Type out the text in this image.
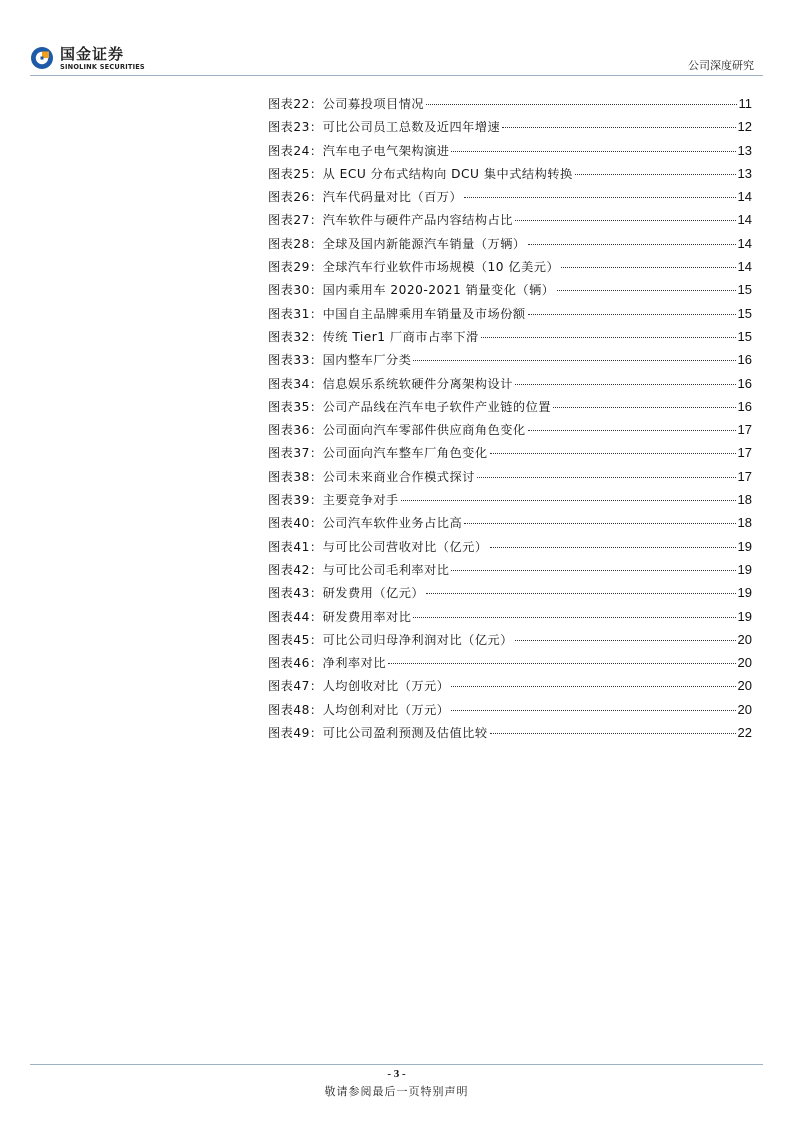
国金证券
SINOLINK SECURITIES	公司深度研究
图表22：公司募投项目情况	11
图表23：可比公司员工总数及近四年增速	12
图表24：汽车电子电气架构演进	13
图表25：从 ECU 分布式结构向 DCU 集中式结构转换	13
图表26：汽车代码量对比（百万）	14
图表27：汽车软件与硬件产品内容结构占比	14
图表28：全球及国内新能源汽车销量（万辆）	14
图表29：全球汽车行业软件市场规模（10 亿美元）	14
图表30：国内乘用车 2020-2021 销量变化（辆）	15
图表31：中国自主品牌乘用车销量及市场份额	15
图表32：传统 Tier1 厂商市占率下滑	15
图表33：国内整车厂分类	16
图表34：信息娱乐系统软硬件分离架构设计	16
图表35：公司产品线在汽车电子软件产业链的位置	16
图表36：公司面向汽车零部件供应商角色变化	17
图表37：公司面向汽车整车厂角色变化	17
图表38：公司未来商业合作模式探讨	17
图表39：主要竞争对手	18
图表40：公司汽车软件业务占比高	18
图表41：与可比公司营收对比（亿元）	19
图表42：与可比公司毛利率对比	19
图表43：研发费用（亿元）	19
图表44：研发费用率对比	19
图表45：可比公司归母净利润对比（亿元）	20
图表46：净利率对比	20
图表47：人均创收对比（万元）	20
图表48：人均创利对比（万元）	20
图表49：可比公司盈利预测及估值比较	22
- 3 -
敬请参阅最后一页特别声明
